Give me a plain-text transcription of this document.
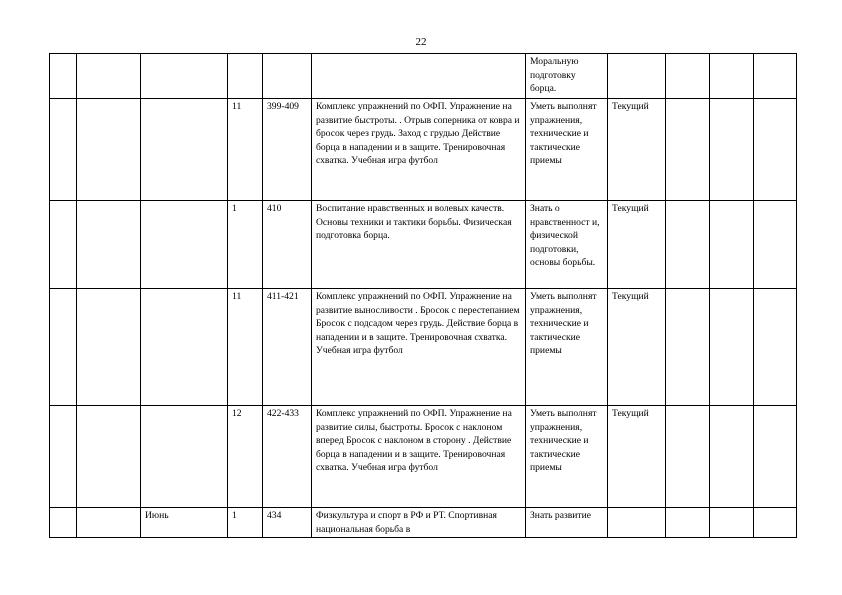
22
						Моральную подготовку борца.				
			11	399-409	Комплекс упражнений по ОФП. Упражнение на развитие быстроты. . Отрыв соперника от ковра и бросок через грудь. Заход с грудью Действие борца в нападении и в защите. Тренировочная схватка. Учебная игра футбол	Уметь выполнят упражнения, технические и тактические приемы	Текущий			
			1	410	Воспитание нравственных и волевых качеств. Основы техники и тактики борьбы. Физическая подготовка борца.	Знать о нравственност и, физической подготовки, основы борьбы.	Текущий			
			11	411-421	Комплекс упражнений по ОФП. Упражнение на развитие выносливости . Бросок с перестепанием Бросок с подсадом через грудь. Действие борца в нападении и в защите. Тренировочная схватка. Учебная игра футбол	Уметь выполнят упражнения, технические и тактические приемы	Текущий			
			12	422-433	Комплекс упражнений по ОФП. Упражнение на развитие силы, быстроты. Бросок с наклоном вперед Бросок с наклоном в сторону . Действие борца в нападении и в защите. Тренировочная схватка. Учебная игра футбол	Уметь выполнят упражнения, технические и тактические приемы	Текущий			
		Июнь	1	434	Физкультура и спорт в РФ и РТ. Спортивная национальная борьба в	Знать развитие				
